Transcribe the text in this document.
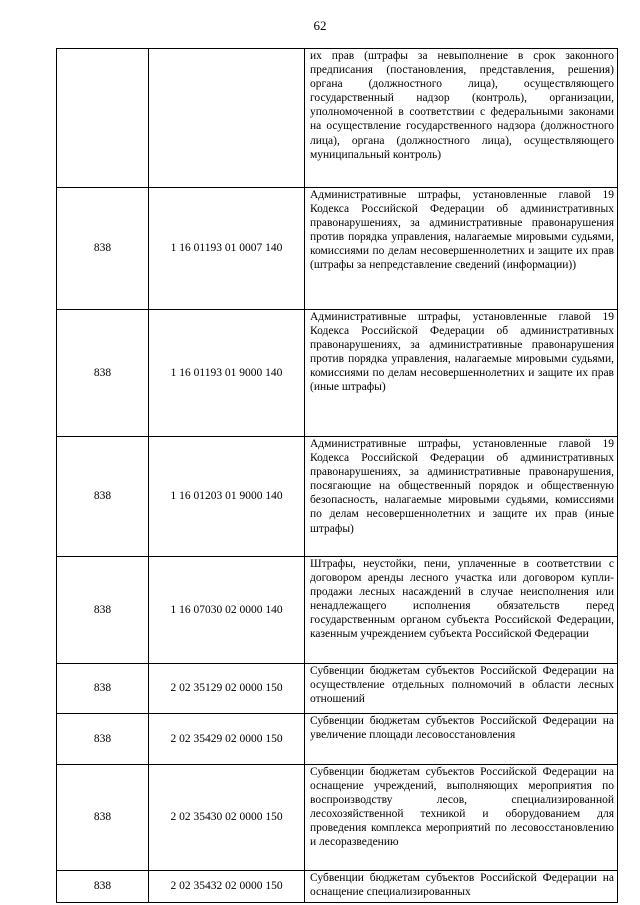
62
		их прав (штрафы за невыполнение в срок законного предписания (постановления, представления, решения) органа (должностного лица), осуществляющего государственный надзор (контроль), организации, уполномоченной в соответствии с федеральными законами на осуществление государственного надзора (должностного лица), органа (должностного лица), осуществляющего муниципальный контроль)
838	1 16 01193 01 0007 140	Административные штрафы, установленные главой 19 Кодекса Российской Федерации об административных правонарушениях, за административные правонарушения против порядка управления, налагаемые мировыми судьями, комиссиями по делам несовершеннолетних и защите их прав (штрафы за непредставление сведений (информации))
838	1 16 01193 01 9000 140	Административные штрафы, установленные главой 19 Кодекса Российской Федерации об административных правонарушениях, за административные правонарушения против порядка управления, налагаемые мировыми судьями, комиссиями по делам несовершеннолетних и защите их прав (иные штрафы)
838	1 16 01203 01 9000 140	Административные штрафы, установленные главой 19 Кодекса Российской Федерации об административных правонарушениях, за административные правонарушения, посягающие на общественный порядок и общественную безопасность, налагаемые мировыми судьями, комиссиями по делам несовершеннолетних и защите их прав (иные штрафы)
838	1 16 07030 02 0000 140	Штрафы, неустойки, пени, уплаченные в соответствии с договором аренды лесного участка или договором купли-продажи лесных насаждений в случае неисполнения или ненадлежащего исполнения обязательств перед государственным органом субъекта Российской Федерации, казенным учреждением субъекта Российской Федерации
838	2 02 35129 02 0000 150	Субвенции бюджетам субъектов Российской Федерации на осуществление отдельных полномочий в области лесных отношений
838	2 02 35429 02 0000 150	Субвенции бюджетам субъектов Российской Федерации на увеличение площади лесовосстановления
838	2 02 35430 02 0000 150	Субвенции бюджетам субъектов Российской Федерации на оснащение учреждений, выполняющих мероприятия по воспроизводству лесов, специализированной лесохозяйственной техникой и оборудованием для проведения комплекса мероприятий по лесовосстановлению и лесоразведению
838	2 02 35432 02 0000 150	Субвенции бюджетам субъектов Российской Федерации на оснащение специализированных
